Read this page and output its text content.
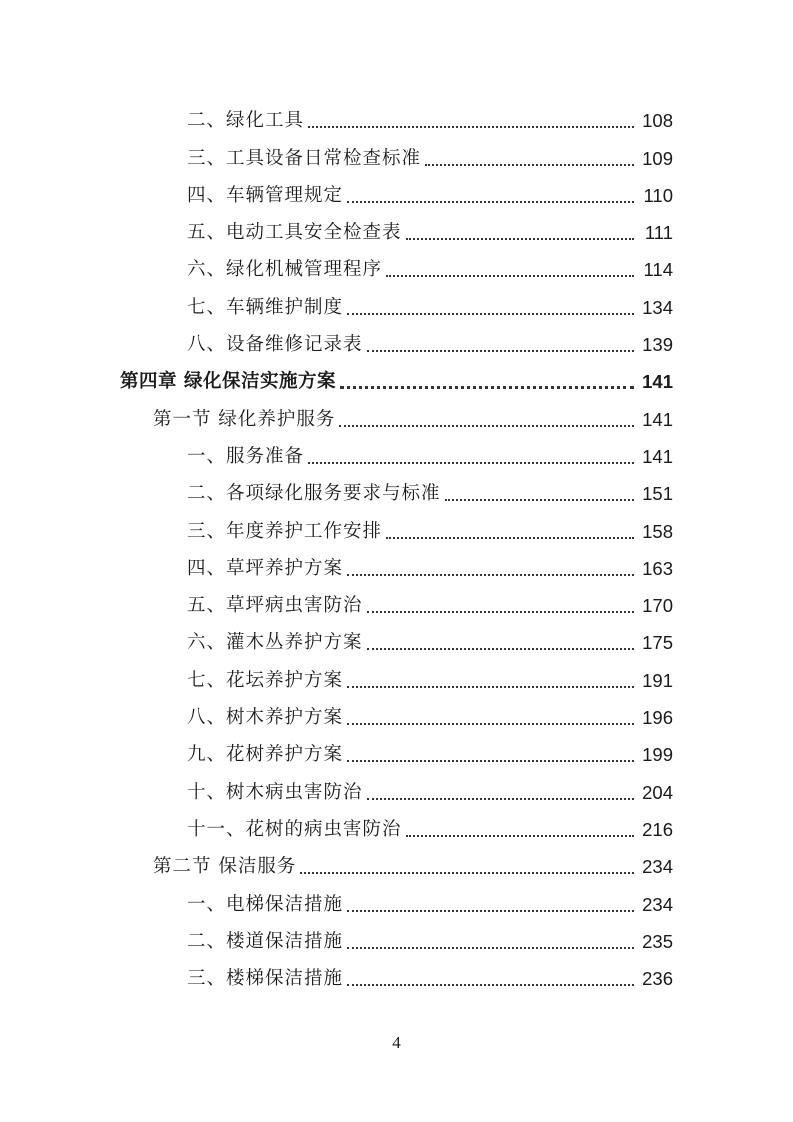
二、绿化工具	108
三、工具设备日常检查标准	109
四、车辆管理规定	110
五、电动工具安全检查表	111
六、绿化机械管理程序	114
七、车辆维护制度	134
八、设备维修记录表	139
第四章 绿化保洁实施方案	141
第一节 绿化养护服务	141
一、服务准备	141
二、各项绿化服务要求与标准	151
三、年度养护工作安排	158
四、草坪养护方案	163
五、草坪病虫害防治	170
六、灌木丛养护方案	175
七、花坛养护方案	191
八、树木养护方案	196
九、花树养护方案	199
十、树木病虫害防治	204
十一、花树的病虫害防治	216
第二节 保洁服务	234
一、电梯保洁措施	234
二、楼道保洁措施	235
三、楼梯保洁措施	236
4
